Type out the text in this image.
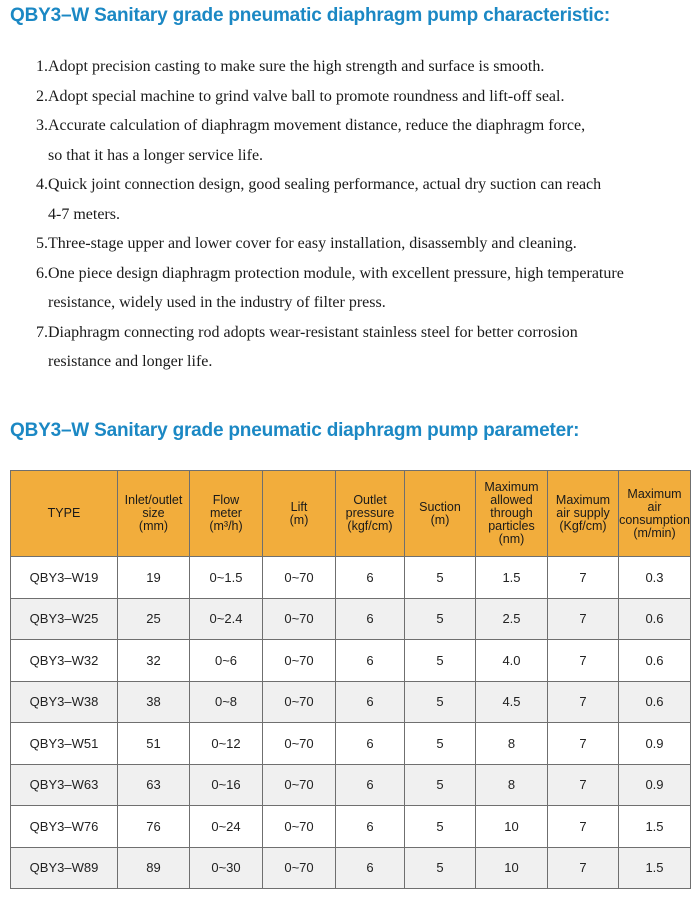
QBY3–W Sanitary grade pneumatic diaphragm pump characteristic:
1.Adopt precision casting to make sure the high strength and surface is smooth.
2.Adopt special machine to grind valve ball to promote roundness and lift-off seal.
3.Accurate calculation of diaphragm movement distance, reduce the diaphragm force,
so that it has a longer service life.
4.Quick joint connection design, good sealing performance, actual dry suction can reach
4-7 meters.
5.Three-stage upper and lower cover for easy installation, disassembly and cleaning.
6.One piece design diaphragm protection module, with excellent pressure, high temperature
resistance, widely used in the industry of filter press.
7.Diaphragm connecting rod adopts wear-resistant stainless steel for better corrosion
resistance and longer life.
QBY3–W Sanitary grade pneumatic diaphragm pump parameter:
TYPE	Inlet/outlet
size
(mm)	Flow
meter
(m³/h)	Lift
(m)	Outlet
pressure
(kgf/cm)	Suction
(m)	Maximum
allowed
through
particles
(nm)	Maximum
air supply
(Kgf/cm)	Maximum
air
consumption
(m/min)

QBY3–W19	19	0~1.5	0~70	6	5	1.5	7	0.3
QBY3–W25	25	0~2.4	0~70	6	5	2.5	7	0.6
QBY3–W32	32	0~6	0~70	6	5	4.0	7	0.6
QBY3–W38	38	0~8	0~70	6	5	4.5	7	0.6
QBY3–W51	51	0~12	0~70	6	5	8	7	0.9
QBY3–W63	63	0~16	0~70	6	5	8	7	0.9
QBY3–W76	76	0~24	0~70	6	5	10	7	1.5
QBY3–W89	89	0~30	0~70	6	5	10	7	1.5
